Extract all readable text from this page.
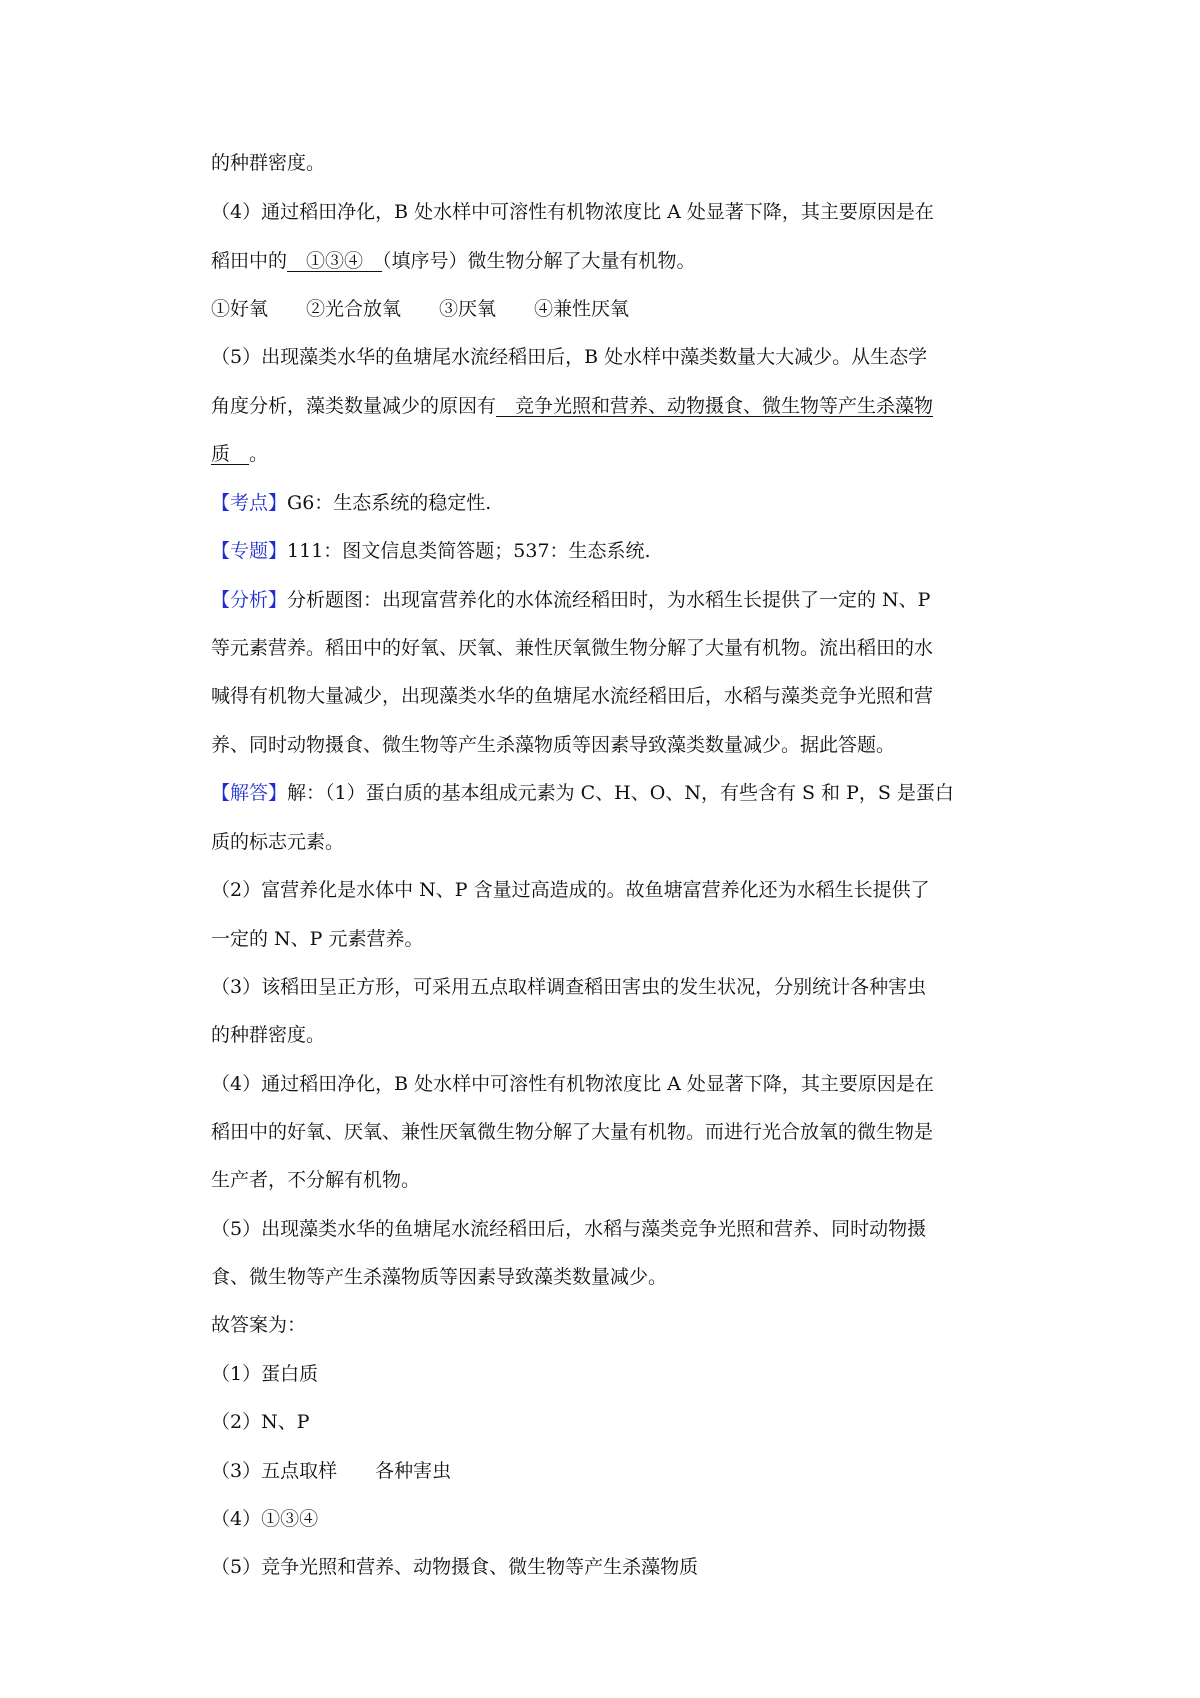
的种群密度。
（4）通过稻田净化，B 处水样中可溶性有机物浓度比 A 处显著下降，其主要原因是在
稻田中的　①③④　（填序号）微生物分解了大量有机物。
①好氧　　②光合放氧　　③厌氧　　④兼性厌氧
（5）出现藻类水华的鱼塘尾水流经稻田后，B 处水样中藻类数量大大减少。从生态学
角度分析，藻类数量减少的原因有　竞争光照和营养、动物摄食、微生物等产生杀藻物
质　。
【考点】G6：生态系统的稳定性.
【专题】111：图文信息类简答题；537：生态系统.
【分析】分析题图：出现富营养化的水体流经稻田时，为水稻生长提供了一定的 N、P
等元素营养。稻田中的好氧、厌氧、兼性厌氧微生物分解了大量有机物。流出稻田的水
喊得有机物大量减少，出现藻类水华的鱼塘尾水流经稻田后，水稻与藻类竞争光照和营
养、同时动物摄食、微生物等产生杀藻物质等因素导致藻类数量减少。据此答题。
【解答】解：（1）蛋白质的基本组成元素为 C、H、O、N，有些含有 S 和 P，S 是蛋白
质的标志元素。
（2）富营养化是水体中 N、P 含量过高造成的。故鱼塘富营养化还为水稻生长提供了
一定的 N、P 元素营养。
（3）该稻田呈正方形，可采用五点取样调查稻田害虫的发生状况，分别统计各种害虫
的种群密度。
（4）通过稻田净化，B 处水样中可溶性有机物浓度比 A 处显著下降，其主要原因是在
稻田中的好氧、厌氧、兼性厌氧微生物分解了大量有机物。而进行光合放氧的微生物是
生产者，不分解有机物。
（5）出现藻类水华的鱼塘尾水流经稻田后，水稻与藻类竞争光照和营养、同时动物摄
食、微生物等产生杀藻物质等因素导致藻类数量减少。
故答案为：
（1）蛋白质
（2）N、P
（3）五点取样　　各种害虫
（4）①③④
（5）竞争光照和营养、动物摄食、微生物等产生杀藻物质
